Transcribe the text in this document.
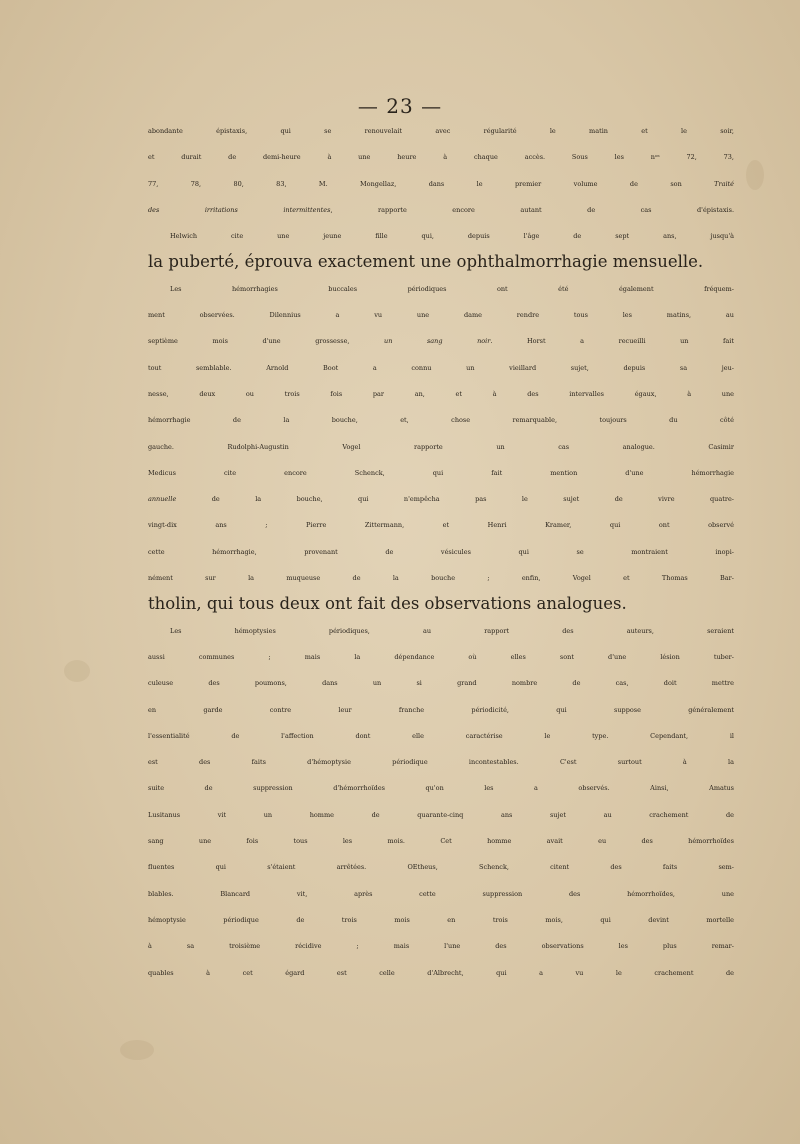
— 23 —
abondante épistaxis, qui se renouvelait avec régularité le matin et le soir,
et durait de demi-heure à une heure à chaque accès. Sous les nᵒˢ 72, 73,
77, 78, 80, 83, M. Mongellaz, dans le premier volume de son Traité
des irritations intermittentes, rapporte encore autant de cas d'épistaxis.
Helwich cite une jeune fille qui, depuis l'âge de sept ans, jusqu'à
la puberté, éprouva exactement une ophthalmorrhagie mensuelle.
Les hémorrhagies buccales périodiques ont été également fréquem-
ment observées. Dilennius a vu une dame rendre tous les matins, au
septième mois d'une grossesse, un sang noir. Horst a recueilli un fait
tout semblable. Arnold Boot a connu un vieillard sujet, depuis sa jeu-
nesse, deux ou trois fois par an, et à des intervalles égaux, à une
hémorrhagie de la bouche, et, chose remarquable, toujours du côté
gauche. Rudolphi-Augustin Vogel rapporte un cas analogue. Casimir
Medicus cite encore Schenck, qui fait mention d'une hémorrhagie
annuelle de la bouche, qui n'empêcha pas le sujet de vivre quatre-
vingt-dix ans ; Pierre Zittermann, et Henri Kramer, qui ont observé
cette hémorrhagie, provenant de vésicules qui se montraient inopi-
nément sur la muqueuse de la bouche ; enfin, Vogel et Thomas Bar-
tholin, qui tous deux ont fait des observations analogues.
Les hémoptysies périodiques, au rapport des auteurs, seraient
aussi communes ; mais la dépendance où elles sont d'une lésion tuber-
culeuse des poumons, dans un si grand nombre de cas, doit mettre
en garde contre leur franche périodicité, qui suppose généralement
l'essentialité de l'affection dont elle caractérise le type. Cependant, il
est des faits d'hémoptysie périodique incontestables. C'est surtout à la
suite de suppression d'hémorrhoïdes qu'on les a observés. Ainsi, Amatus
Lusitanus vit un homme de quarante-cinq ans sujet au crachement de
sang une fois tous les mois. Cet homme avait eu des hémorrhoïdes
fluentes qui s'étaient arrêtées. OEtheus, Schenck, citent des faits sem-
blables. Blancard vit, après cette suppression des hémorrhoïdes, une
hémoptysie périodique de trois mois en trois mois, qui devint mortelle
à sa troisième récidive ; mais l'une des observations les plus remar-
quables à cet égard est celle d'Albrecht, qui a vu le crachement de
